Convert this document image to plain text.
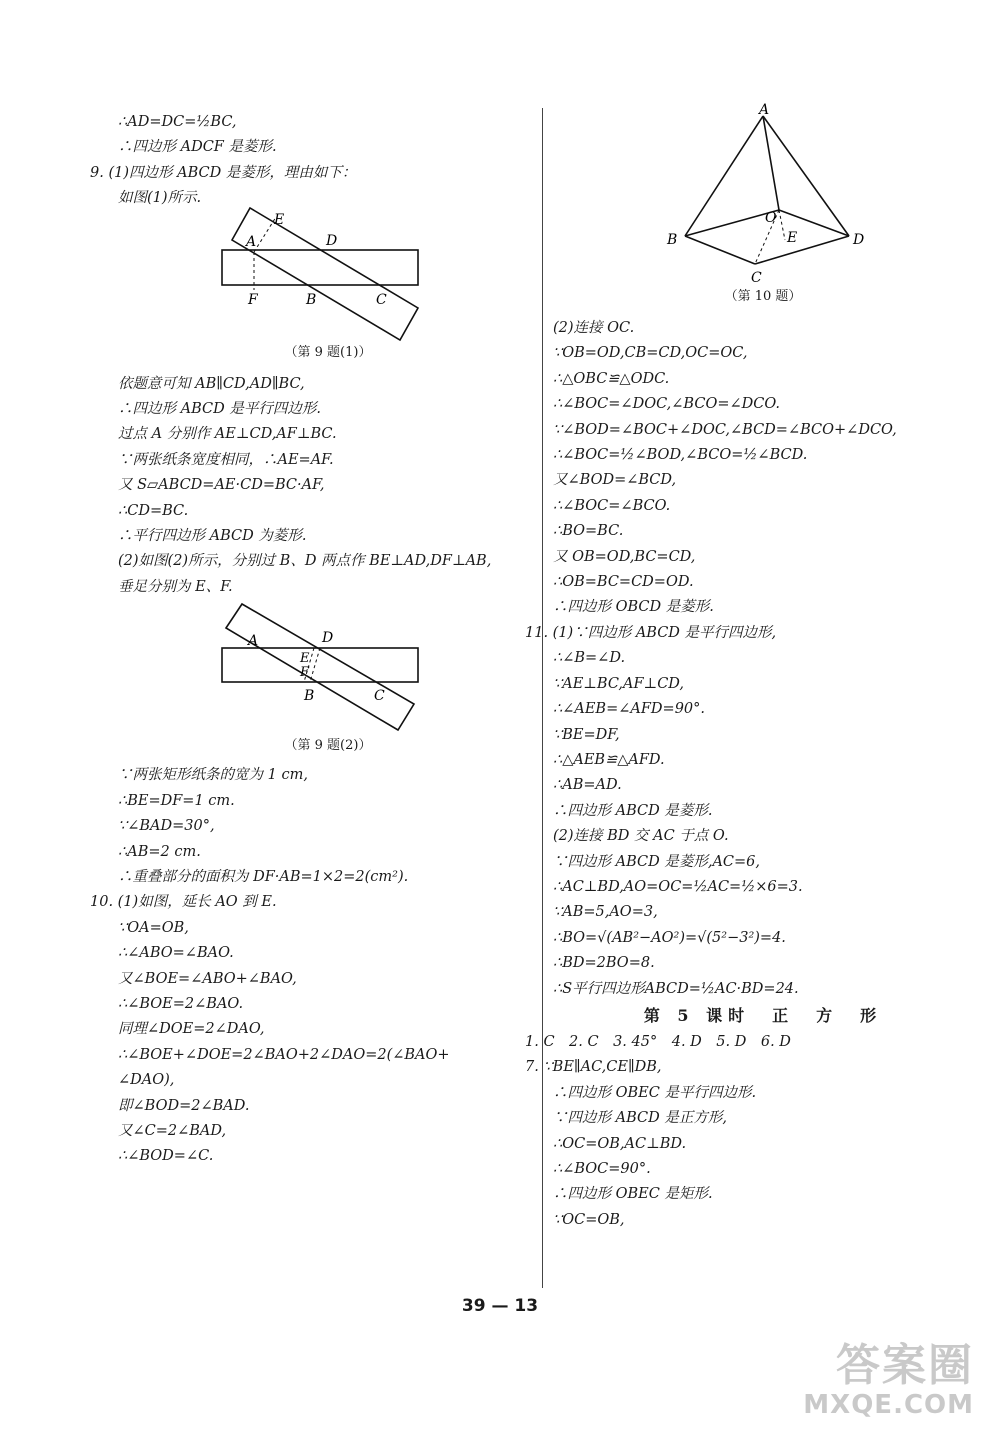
∴AD=DC=½BC,
∴四边形 ADCF 是菱形.
9. (1)四边形 ABCD 是菱形，理由如下：
如图(1)所示.
A
E
D
F	B	C
（第 9 题(1)）
依题意可知 AB∥CD,AD∥BC,
∴四边形 ABCD 是平行四边形.
过点 A 分别作 AE⊥CD,AF⊥BC.
∵两张纸条宽度相同，∴AE=AF.
又 S▱ABCD=AE·CD=BC·AF,
∴CD=BC.
∴平行四边形 ABCD 为菱形.
(2)如图(2)所示，分别过 B、D 两点作 BE⊥AD,DF⊥AB,
垂足分别为 E、F.
A	D
E
F
B	C
（第 9 题(2)）
∵两张矩形纸条的宽为 1 cm,
∴BE=DF=1 cm.
∵∠BAD=30°,
∴AB=2 cm.
∴重叠部分的面积为 DF·AB=1×2=2(cm²).
10. (1)如图，延长 AO 到 E.
∵OA=OB,
∴∠ABO=∠BAO.
又∠BOE=∠ABO+∠BAO,
∴∠BOE=2∠BAO.
同理∠DOE=2∠DAO,
∴∠BOE+∠DOE=2∠BAO+2∠DAO=2(∠BAO+
∠DAO),
即∠BOD=2∠BAD.
又∠C=2∠BAD,
∴∠BOD=∠C.
A
B	D
C
O
E
（第 10 题）
(2)连接 OC.
∵OB=OD,CB=CD,OC=OC,
∴△OBC≌△ODC.
∴∠BOC=∠DOC,∠BCO=∠DCO.
∵∠BOD=∠BOC+∠DOC,∠BCD=∠BCO+∠DCO,
∴∠BOC=½∠BOD,∠BCO=½∠BCD.
又∠BOD=∠BCD,
∴∠BOC=∠BCO.
∴BO=BC.
又 OB=OD,BC=CD,
∴OB=BC=CD=OD.
∴四边形 OBCD 是菱形.
11. (1)∵四边形 ABCD 是平行四边形,
∴∠B=∠D.
∵AE⊥BC,AF⊥CD,
∴∠AEB=∠AFD=90°.
∵BE=DF,
∴△AEB≌△AFD.
∴AB=AD.
∴四边形 ABCD 是菱形.
(2)连接 BD 交 AC 于点 O.
∵四边形 ABCD 是菱形,AC=6,
∴AC⊥BD,AO=OC=½AC=½×6=3.
∵AB=5,AO=3,
∴BO=√(AB²−AO²)=√(5²−3²)=4.
∴BD=2BO=8.
∴S平行四边形ABCD=½AC·BD=24.
第 5 课时　正　方　形
1. C　2. C　3. 45°　4. D　5. D　6. D
7. ∵BE∥AC,CE∥DB,
∴四边形 OBEC 是平行四边形.
∵四边形 ABCD 是正方形,
∴OC=OB,AC⊥BD.
∴∠BOC=90°.
∴四边形 OBEC 是矩形.
∵OC=OB,
39 — 13
答案圈
MXQE.COM
